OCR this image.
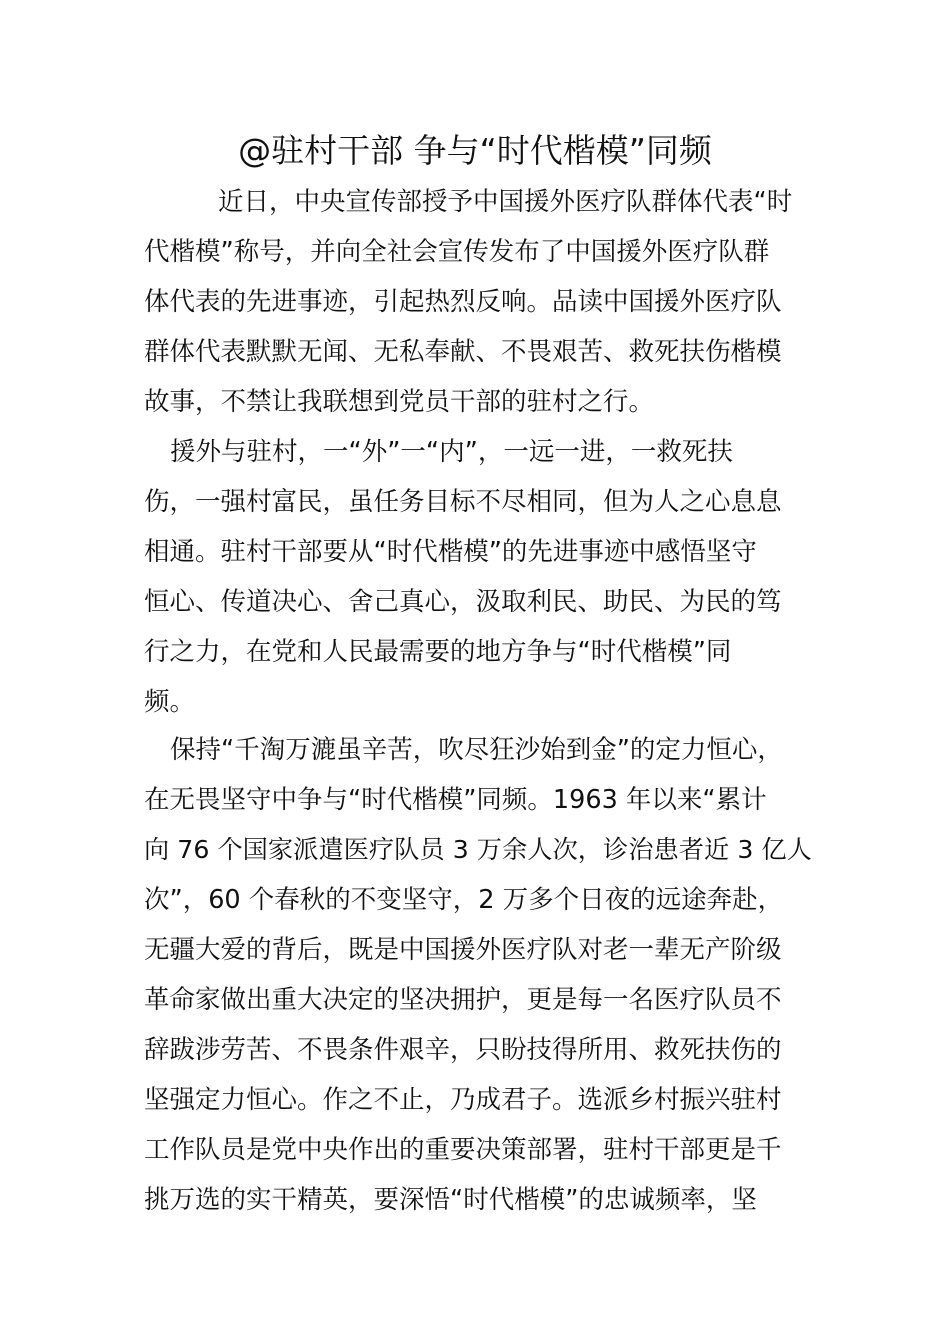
@驻村干部 争与“时代楷模”同频

近日，中央宣传部授予中国援外医疗队群体代表“时

代楷模”称号，并向全社会宣传发布了中国援外医疗队群

体代表的先进事迹，引起热烈反响。品读中国援外医疗队

群体代表默默无闻、无私奉献、不畏艰苦、救死扶伤楷模

故事，不禁让我联想到党员干部的驻村之行。

援外与驻村，一“外”一“内”，一远一进，一救死扶

伤，一强村富民，虽任务目标不尽相同，但为人之心息息

相通。驻村干部要从“时代楷模”的先进事迹中感悟坚守

恒心、传道决心、舍己真心，汲取利民、助民、为民的笃

行之力，在党和人民最需要的地方争与“时代楷模”同

频。

保持“千淘万漉虽辛苦，吹尽狂沙始到金”的定力恒心，

在无畏坚守中争与“时代楷模”同频。1963 年以来“累计

向 76 个国家派遣医疗队员 3 万余人次，诊治患者近 3 亿人

次”，60 个春秋的不变坚守，2 万多个日夜的远途奔赴，

无疆大爱的背后，既是中国援外医疗队对老一辈无产阶级

革命家做出重大决定的坚决拥护，更是每一名医疗队员不

辞跋涉劳苦、不畏条件艰辛，只盼技得所用、救死扶伤的

坚强定力恒心。作之不止，乃成君子。选派乡村振兴驻村

工作队员是党中央作出的重要决策部署，驻村干部更是千

挑万选的实干精英，要深悟“时代楷模”的忠诚频率，坚
